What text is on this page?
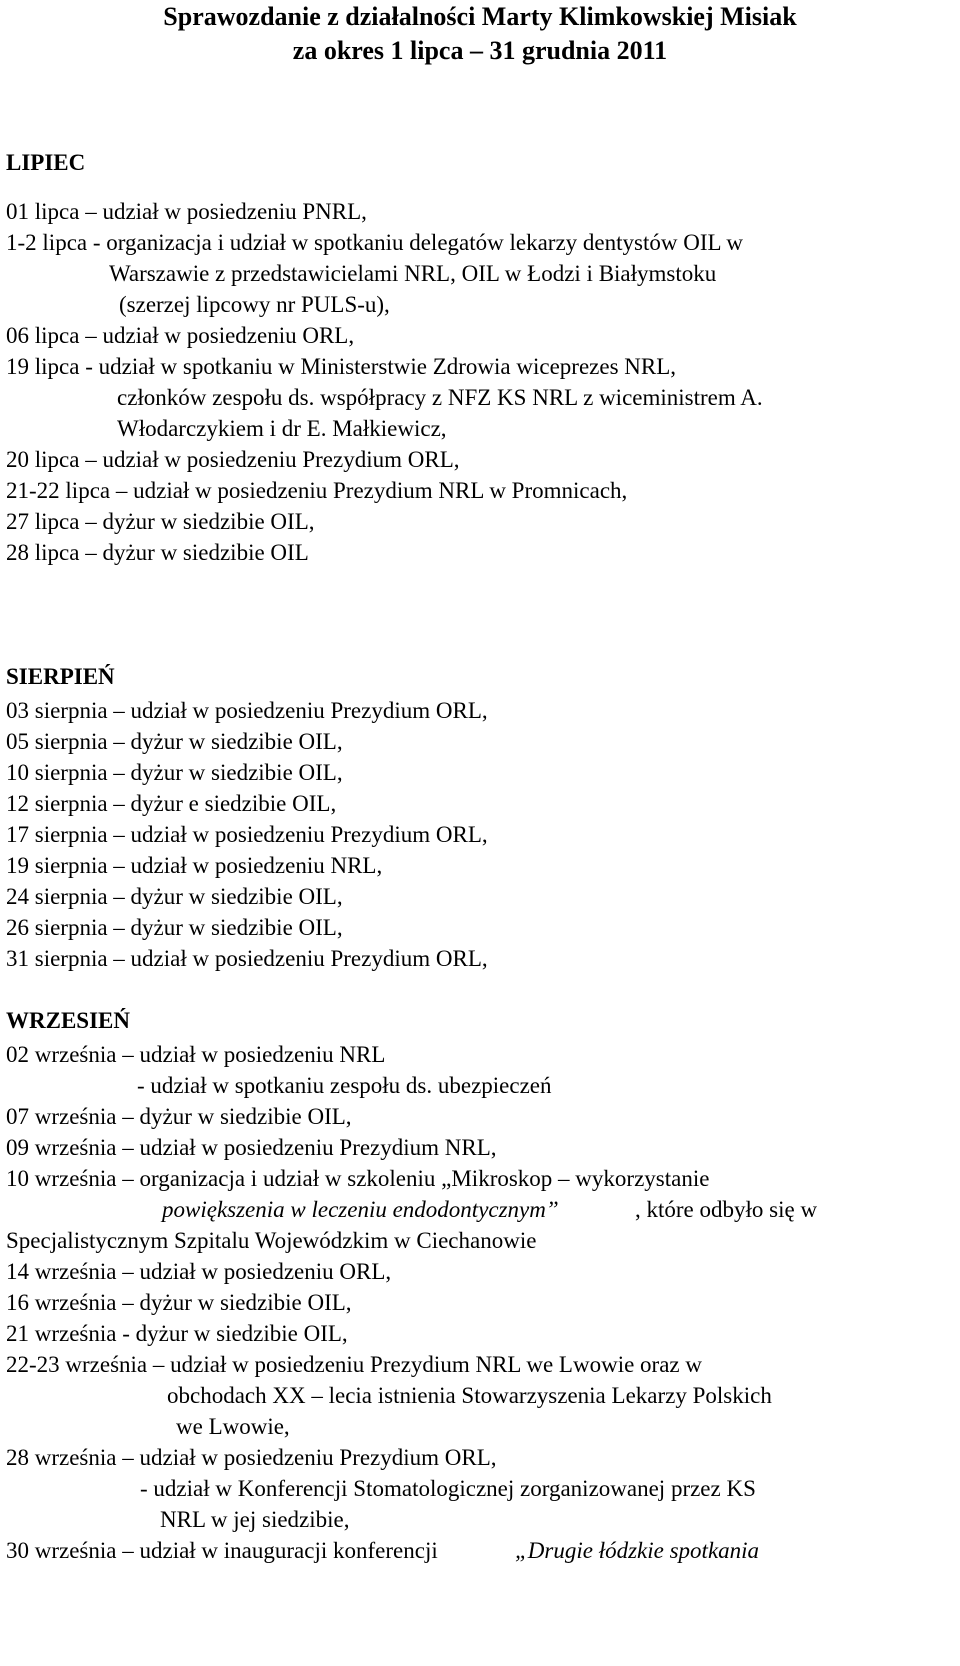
Sprawozdanie z działalności Marty Klimkowskiej Misiak
za okres 1 lipca – 31 grudnia 2011
LIPIEC
01 lipca – udział w posiedzeniu PNRL,
1-2 lipca - organizacja i udział w spotkaniu delegatów lekarzy dentystów OIL w
Warszawie z przedstawicielami NRL, OIL w Łodzi i Białymstoku
(szerzej lipcowy nr PULS-u),
06 lipca – udział w posiedzeniu ORL,
19 lipca - udział w spotkaniu w Ministerstwie Zdrowia wiceprezes NRL,
członków zespołu ds. współpracy z NFZ KS NRL z wiceministrem A.
Włodarczykiem i dr E. Małkiewicz,
20 lipca – udział w posiedzeniu Prezydium ORL,
21-22 lipca – udział w posiedzeniu Prezydium NRL w Promnicach,
27 lipca – dyżur w siedzibie OIL,
28 lipca – dyżur w siedzibie OIL
SIERPIEŃ
03 sierpnia – udział w posiedzeniu Prezydium ORL,
05 sierpnia – dyżur w siedzibie OIL,
10 sierpnia – dyżur w siedzibie OIL,
12 sierpnia – dyżur e siedzibie OIL,
17 sierpnia – udział w posiedzeniu Prezydium ORL,
19 sierpnia – udział w posiedzeniu NRL,
24 sierpnia – dyżur w siedzibie OIL,
26 sierpnia – dyżur w siedzibie OIL,
31 sierpnia – udział w posiedzeniu Prezydium ORL,
WRZESIEŃ
02 września – udział w posiedzeniu NRL
- udział w spotkaniu zespołu ds. ubezpieczeń
07 września – dyżur w siedzibie OIL,
09 września – udział w posiedzeniu Prezydium NRL,
10 września – organizacja i udział w szkoleniu „Mikroskop – wykorzystanie
powiększenia w leczeniu endodontycznym”	, które odbyło się w
Specjalistycznym Szpitalu Wojewódzkim w Ciechanowie
14 września – udział w posiedzeniu ORL,
16 września – dyżur w siedzibie OIL,
21 września - dyżur w siedzibie OIL,
22-23 września – udział w posiedzeniu Prezydium NRL we Lwowie oraz w
obchodach XX – lecia istnienia Stowarzyszenia Lekarzy Polskich
we Lwowie,
28 września – udział w posiedzeniu Prezydium ORL,
- udział w Konferencji Stomatologicznej zorganizowanej przez KS
NRL w jej siedzibie,
30 września – udział w inauguracji konferencji	„Drugie łódzkie spotkania
